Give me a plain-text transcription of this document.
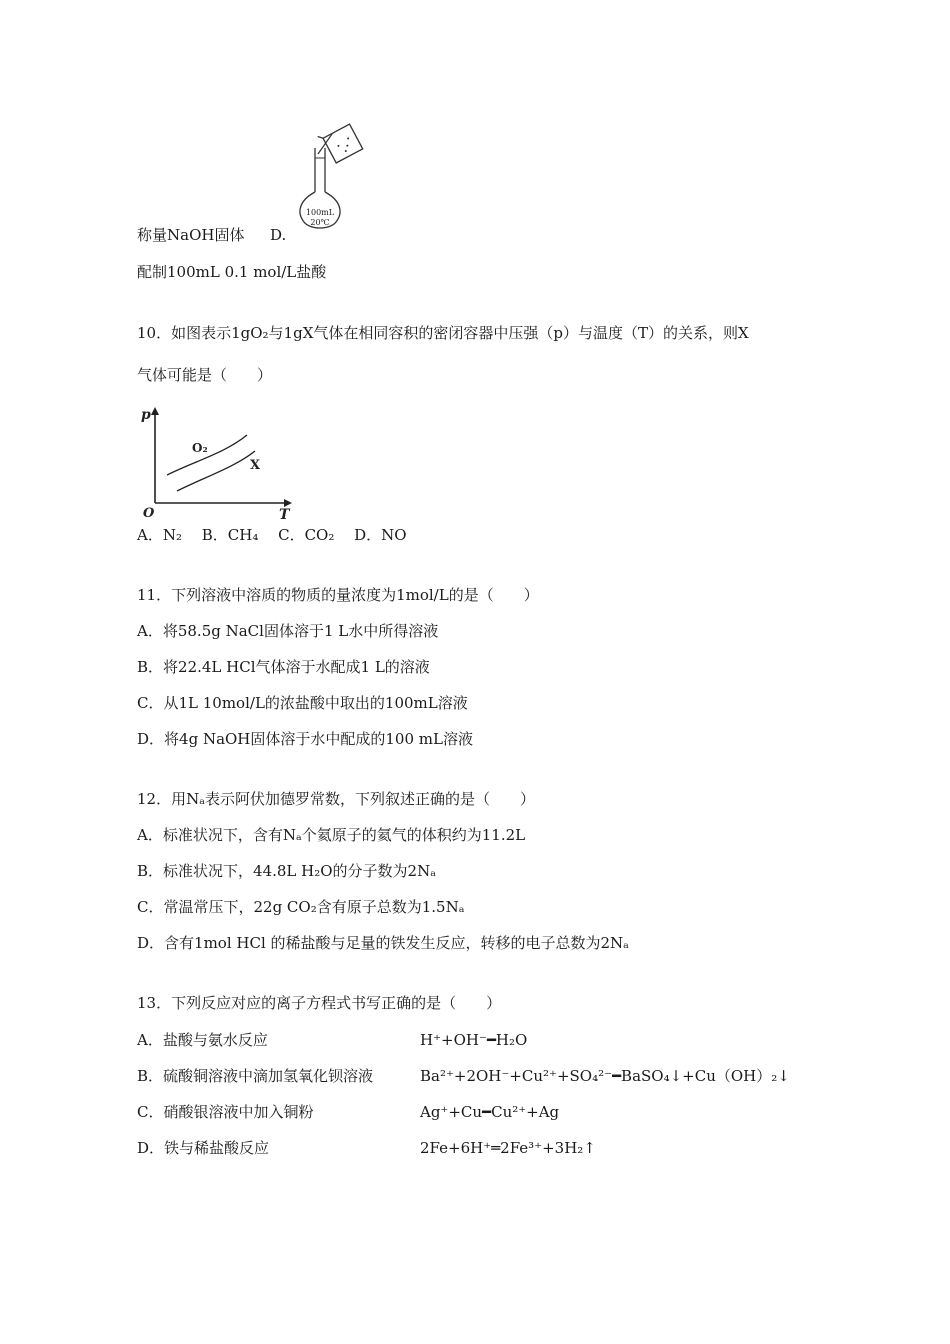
100mL
20℃
称量NaOH固体 D.
配制100mL 0.1 mol/L盐酸
10．如图表示1gO₂与1gX气体在相同容积的密闭容器中压强（p）与温度（T）的关系，则X
气体可能是（　　）
p
T
O
O₂
X
A．N₂　 B．CH₄　 C．CO₂　 D．NO
11．下列溶液中溶质的物质的量浓度为1mol/L的是（　　）
A．将58.5g NaCl固体溶于1 L水中所得溶液
B．将22.4L HCl气体溶于水配成1 L的溶液
C．从1L 10mol/L的浓盐酸中取出的100mL溶液
D．将4g NaOH固体溶于水中配成的100 mL溶液
12．用Nₐ表示阿伏加德罗常数，下列叙述正确的是（　　）
A．标准状况下，含有Nₐ个氦原子的氦气的体积约为11.2L
B．标准状况下，44.8L H₂O的分子数为2Nₐ
C．常温常压下，22g CO₂含有原子总数为1.5Nₐ
D．含有1mol HCl 的稀盐酸与足量的铁发生反应，转移的电子总数为2Nₐ
13．下列反应对应的离子方程式书写正确的是（　　）
A．盐酸与氨水反应	H⁺+OH⁻━H₂O
B．硫酸铜溶液中滴加氢氧化钡溶液	Ba²⁺+2OH⁻+Cu²⁺+SO₄²⁻━BaSO₄↓+Cu（OH）₂↓
C．硝酸银溶液中加入铜粉	Ag⁺+Cu━Cu²⁺+Ag
D．铁与稀盐酸反应	2Fe+6H⁺═2Fe³⁺+3H₂↑
